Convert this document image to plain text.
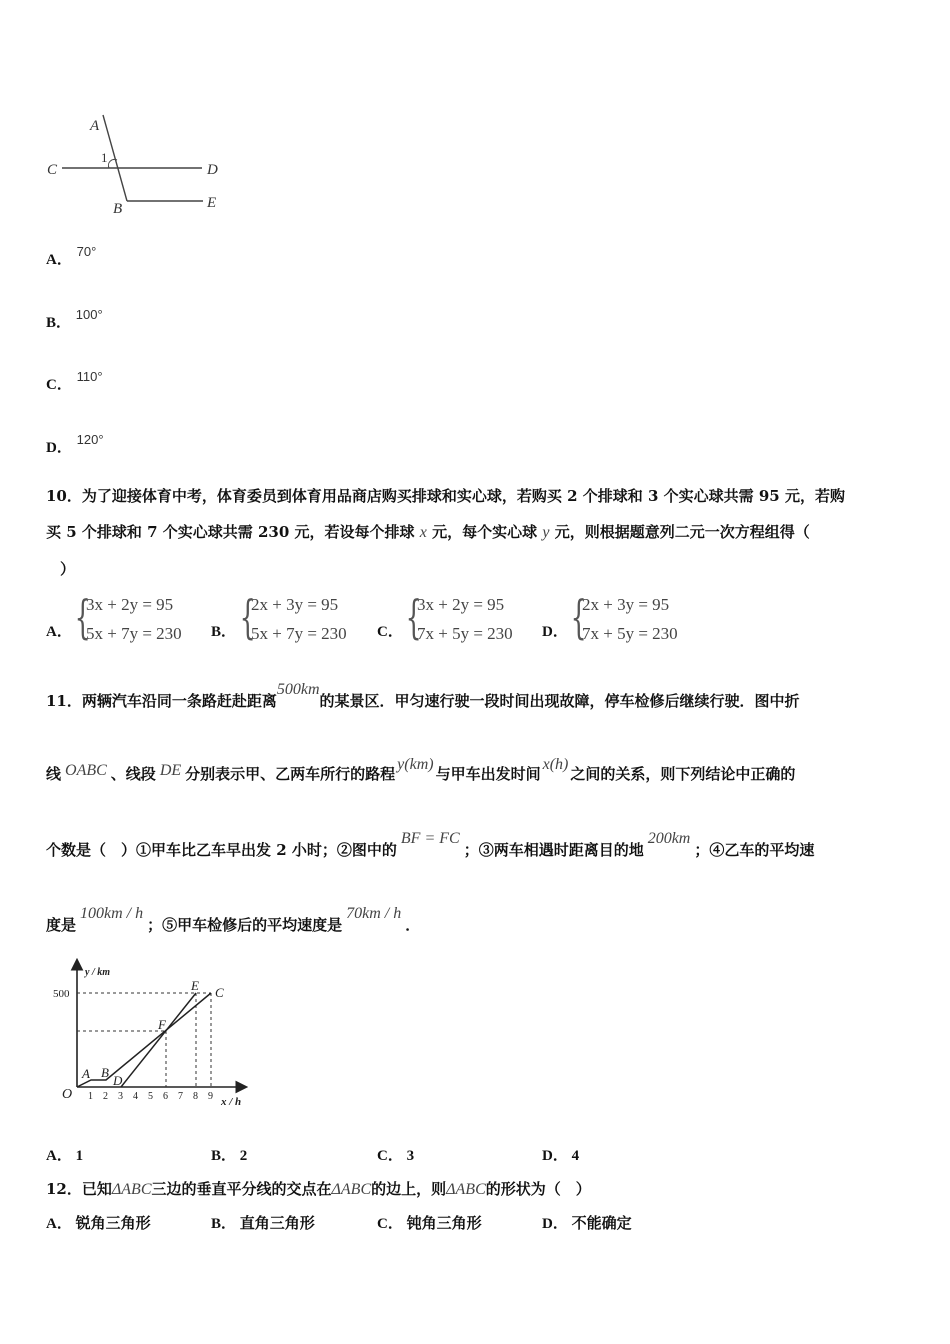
A
1
C	D
B	E
A． 70°
B． 100°
C． 110°
D． 120°
10．为了迎接体育中考，体育委员到体育用品商店购买排球和实心球，若购买 2 个排球和 3 个实心球共需 95 元，若购
买 5 个排球和 7 个实心球共需 230 元，若设每个排球 x 元，每个实心球 y 元，则根据题意列二元一次方程组得（
）
A． {
3x + 2y = 95
5x + 7y = 230 B． {
2x + 3y = 95
5x + 7y = 230 C． {
3x + 2y = 95
7x + 5y = 230 D． {
2x + 3y = 95
7x + 5y = 230
11．两辆汽车沿同一条路赶赴距离500km的某景区．甲匀速行驶一段时间出现故障，停车检修后继续行驶．图中折
线 OABC 、线段 DE 分别表示甲、乙两车所行的路程y(km)与甲车出发时间x(h)之间的关系，则下列结论中正确的
个数是（　）①甲车比乙车早出发 2 小时；②图中的BF = FC；③两车相遇时距离目的地200km；④乙车的平均速
度是100km / h；⑤甲车检修后的平均速度是70km / h．
y / km
x / h
O
500
1 2 3 4 5 6 7 8 9
A B
D
F
E C
A． 1	B． 2	C． 3	D． 4
12．已知ΔABC三边的垂直平分线的交点在ΔABC的边上，则ΔABC的形状为（　）
A． 锐角三角形	B． 直角三角形	C． 钝角三角形	D． 不能确定
